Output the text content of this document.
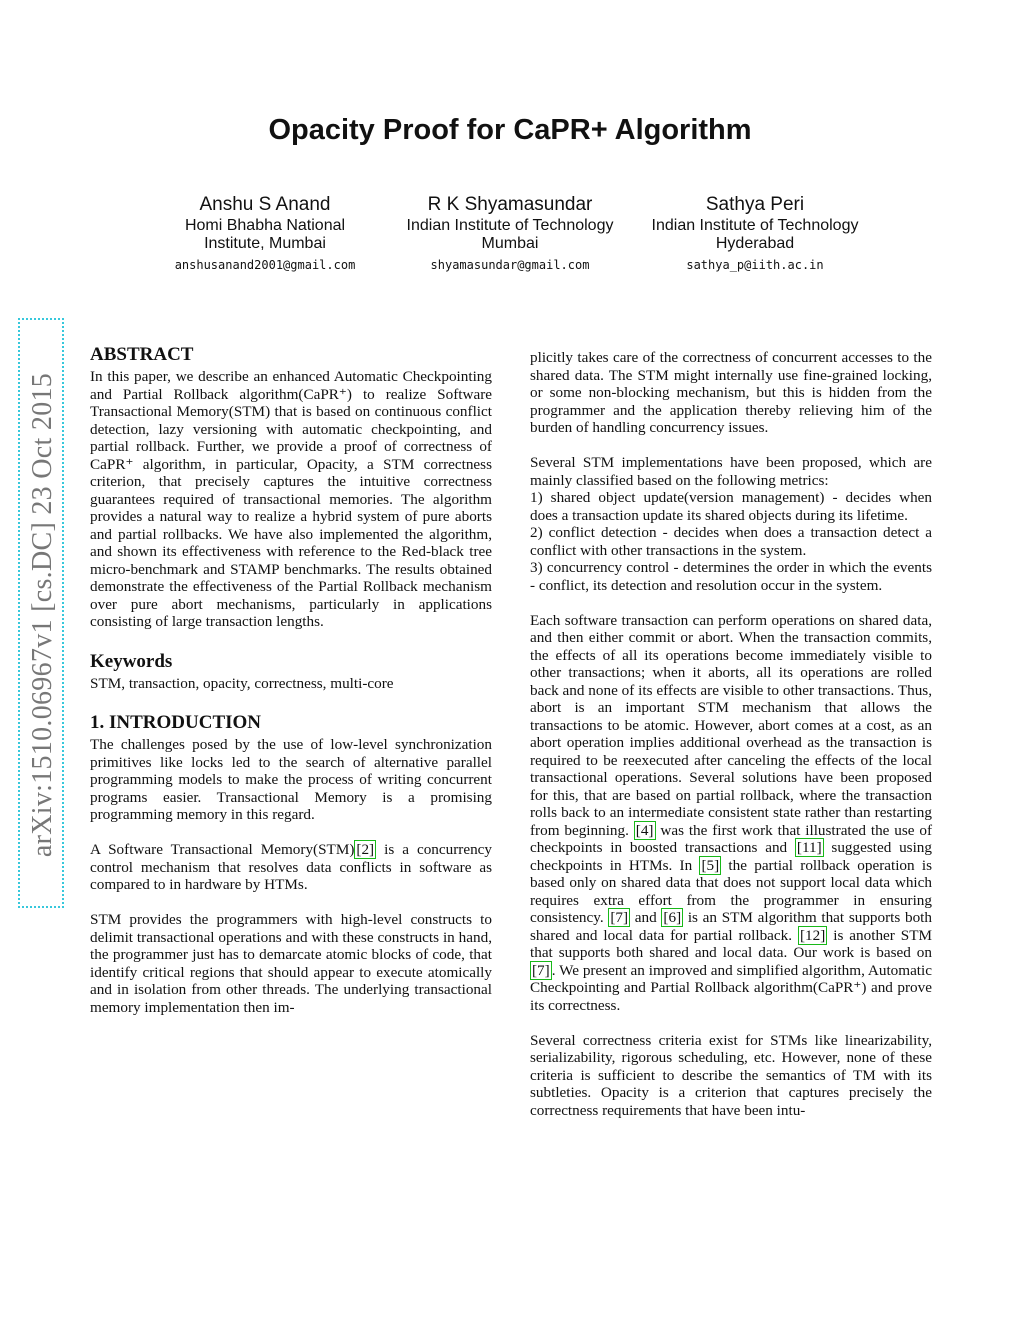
arXiv:1510.06967v1 [cs.DC] 23 Oct 2015
Opacity Proof for CaPR+ Algorithm
Anshu S Anand
Homi Bhabha National
Institute, Mumbai
anshusanand2001@gmail.com
R K Shyamasundar
Indian Institute of Technology
Mumbai
shyamasundar@gmail.com
Sathya Peri
Indian Institute of Technology
Hyderabad
sathya_p@iith.ac.in
ABSTRACT

In this paper, we describe an enhanced Automatic Checkpointing and Partial Rollback algorithm(CaPR⁺) to realize Software Transactional Memory(STM) that is based on continuous conflict detection, lazy versioning with automatic checkpointing, and partial rollback. Further, we provide a proof of correctness of CaPR⁺ algorithm, in particular, Opacity, a STM correctness criterion, that precisely captures the intuitive correctness guarantees required of transactional memories. The algorithm provides a natural way to realize a hybrid system of pure aborts and partial rollbacks. We have also implemented the algorithm, and shown its effectiveness with reference to the Red-black tree micro-benchmark and STAMP benchmarks. The results obtained demonstrate the effectiveness of the Partial Rollback mechanism over pure abort mechanisms, particularly in applications consisting of large transaction lengths.

Keywords

STM, transaction, opacity, correctness, multi-core

1. INTRODUCTION

The challenges posed by the use of low-level synchronization primitives like locks led to the search of alternative parallel programming models to make the process of writing concurrent programs easier. Transactional Memory is a promising programming memory in this regard.

A Software Transactional Memory(STM) [2] is a concurrency control mechanism that resolves data conflicts in software as compared to in hardware by HTMs.

STM provides the programmers with high-level constructs to delimit transactional operations and with these constructs in hand, the programmer just has to demarcate atomic blocks of code, that identify critical regions that should appear to execute atomically and in isolation from other threads. The underlying transactional memory implementation then im-

plicitly takes care of the correctness of concurrent accesses to the shared data. The STM might internally use fine-grained locking, or some non-blocking mechanism, but this is hidden from the programmer and the application thereby relieving him of the burden of handling concurrency issues.

Several STM implementations have been proposed, which are mainly classified based on the following metrics:

1) shared object update(version management) - decides when does a transaction update its shared objects during its lifetime.

2) conflict detection - decides when does a transaction detect a conflict with other transactions in the system.

3) concurrency control - determines the order in which the events - conflict, its detection and resolution occur in the system.

Each software transaction can perform operations on shared data, and then either commit or abort. When the transaction commits, the effects of all its operations become immediately visible to other transactions; when it aborts, all its operations are rolled back and none of its effects are visible to other transactions. Thus, abort is an important STM mechanism that allows the transactions to be atomic. However, abort comes at a cost, as an abort operation implies additional overhead as the transaction is required to be reexecuted after canceling the effects of the local transactional operations. Several solutions have been proposed for this, that are based on partial rollback, where the transaction rolls back to an intermediate consistent state rather than restarting from beginning. [4] was the first work that illustrated the use of checkpoints in boosted transactions and [11] suggested using checkpoints in HTMs. In [5] the partial rollback operation is based only on shared data that does not support local data which requires extra effort from the programmer in ensuring consistency. [7] and [6] is an STM algorithm that supports both shared and local data for partial rollback. [12] is another STM that supports both shared and local data. Our work is based on [7] . We present an improved and simplified algorithm, Automatic Checkpointing and Partial Rollback algorithm(CaPR⁺) and prove its correctness.

Several correctness criteria exist for STMs like linearizability, serializability, rigorous scheduling, etc. However, none of these criteria is sufficient to describe the semantics of TM with its subtleties. Opacity is a criterion that captures precisely the correctness requirements that have been intu-
